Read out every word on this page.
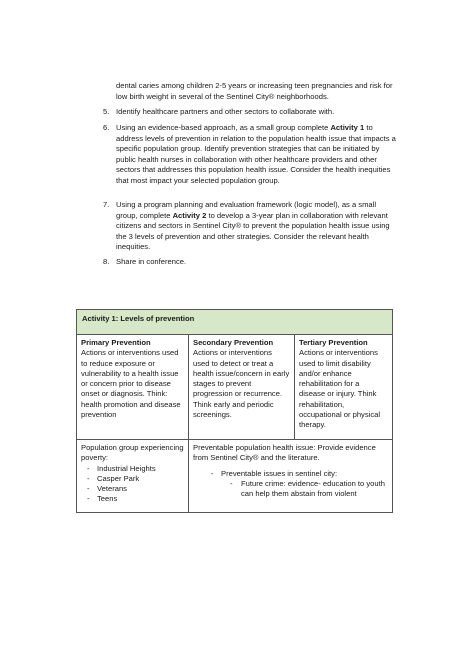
dental caries among children 2-5 years or increasing teen pregnancies and risk for low birth weight in several of the Sentinel City® neighborhoods.
5. Identify healthcare partners and other sectors to collaborate with.
6. Using an evidence-based approach, as a small group complete Activity 1 to address levels of prevention in relation to the population health issue that impacts a specific population group. Identify prevention strategies that can be initiated by public health nurses in collaboration with other healthcare providers and other sectors that addresses this population health issue. Consider the health inequities that most impact your selected population group.
7. Using a program planning and evaluation framework (logic model), as a small group, complete Activity 2 to develop a 3-year plan in collaboration with relevant citizens and sectors in Sentinel City® to prevent the population health issue using the 3 levels of prevention and other strategies. Consider the relevant health inequities.
8. Share in conference.
Activity 1: Levels of prevention
Primary Prevention
Actions or interventions used to reduce exposure or vulnerability to a health issue or concern prior to disease onset or diagnosis. Think: health promotion and disease prevention
Secondary Prevention
Actions or interventions used to detect or treat a health issue/concern in early stages to prevent progression or recurrence. Think early and periodic screenings.
Tertiary Prevention
Actions or interventions used to limit disability and/or enhance rehabilitation for a disease or injury. Think rehabilitation, occupational or physical therapy.
Population group experiencing poverty:
- Industrial Heights
- Casper Park
- Veterans
- Teens
Preventable population health issue: Provide evidence from Sentinel City® and the literature.
- Preventable issues in sentinel city:
- Future crime: evidence- education to youth can help them abstain from violent
